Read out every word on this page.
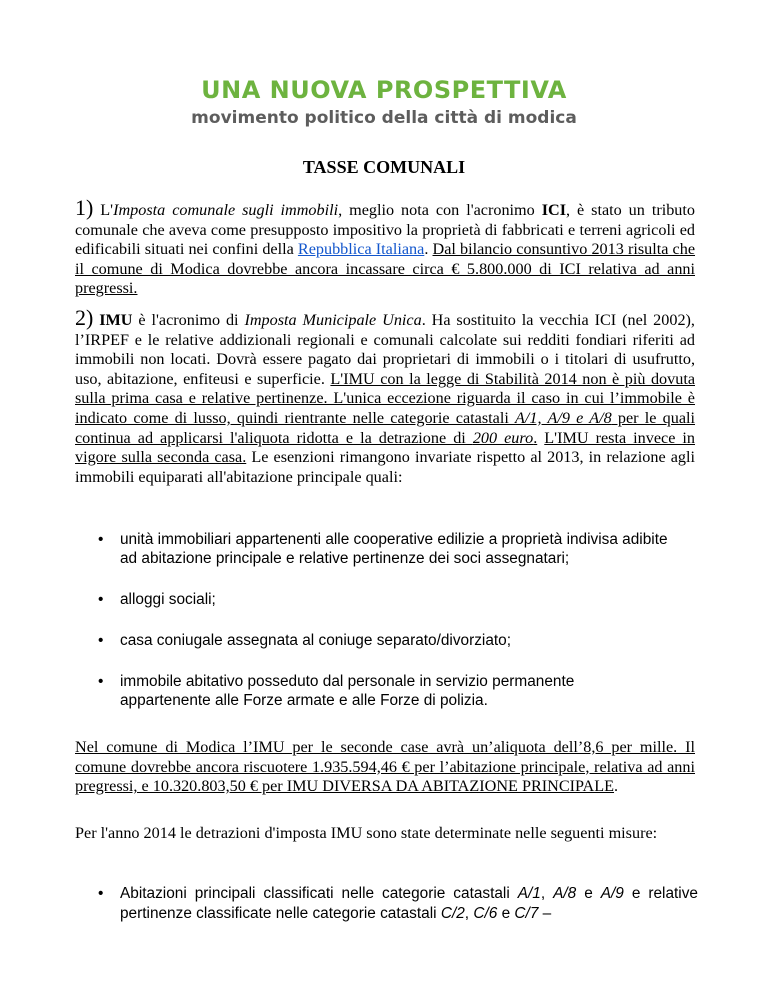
UNA NUOVA PROSPETTIVA
movimento politico della città di modica
TASSE COMUNALI

1) L'Imposta comunale sugli immobili, meglio nota con l'acronimo ICI, è stato un tributo comunale che aveva come presupposto impositivo la proprietà di fabbricati e terreni agricoli ed edificabili situati nei confini della Repubblica Italiana. Dal bilancio consuntivo 2013 risulta che il comune di Modica dovrebbe ancora incassare circa € 5.800.000 di ICI relativa ad anni pregressi.

2) IMU è l'acronimo di Imposta Municipale Unica. Ha sostituito la vecchia ICI (nel 2002), l’IRPEF e le relative addizionali regionali e comunali calcolate sui redditi fondiari riferiti ad immobili non locati. Dovrà essere pagato dai proprietari di immobili o i titolari di usufrutto, uso, abitazione, enfiteusi e superficie. L'IMU con la legge di Stabilità 2014 non è più dovuta sulla prima casa e relative pertinenze. L'unica eccezione riguarda il caso in cui l’immobile è indicato come di lusso, quindi rientrante nelle categorie catastali A/1, A/9 e A/8 per le quali continua ad applicarsi l'aliquota ridotta e la detrazione di 200 euro. L'IMU resta invece in vigore sulla seconda casa. Le esenzioni rimangono invariate rispetto al 2013, in relazione agli immobili equiparati all'abitazione principale quali:

• unità immobiliari appartenenti alle cooperative edilizie a proprietà indivisa adibite ad abitazione principale e relative pertinenze dei soci assegnatari;
• alloggi sociali;
• casa coniugale assegnata al coniuge separato/divorziato;
• immobile abitativo posseduto dal personale in servizio permanente appartenente alle Forze armate e alle Forze di polizia.

Nel comune di Modica l’IMU per le seconde case avrà un’aliquota dell’8,6 per mille. Il comune dovrebbe ancora riscuotere 1.935.594,46 € per l’abitazione principale, relativa ad anni pregressi, e 10.320.803,50 € per IMU DIVERSA DA ABITAZIONE PRINCIPALE.

Per l'anno 2014 le detrazioni d'imposta IMU sono state determinate nelle seguenti misure:

• Abitazioni principali classificati nelle categorie catastali A/1, A/8 e A/9 e relative pertinenze classificate nelle categorie catastali C/2, C/6 e C/7 –
